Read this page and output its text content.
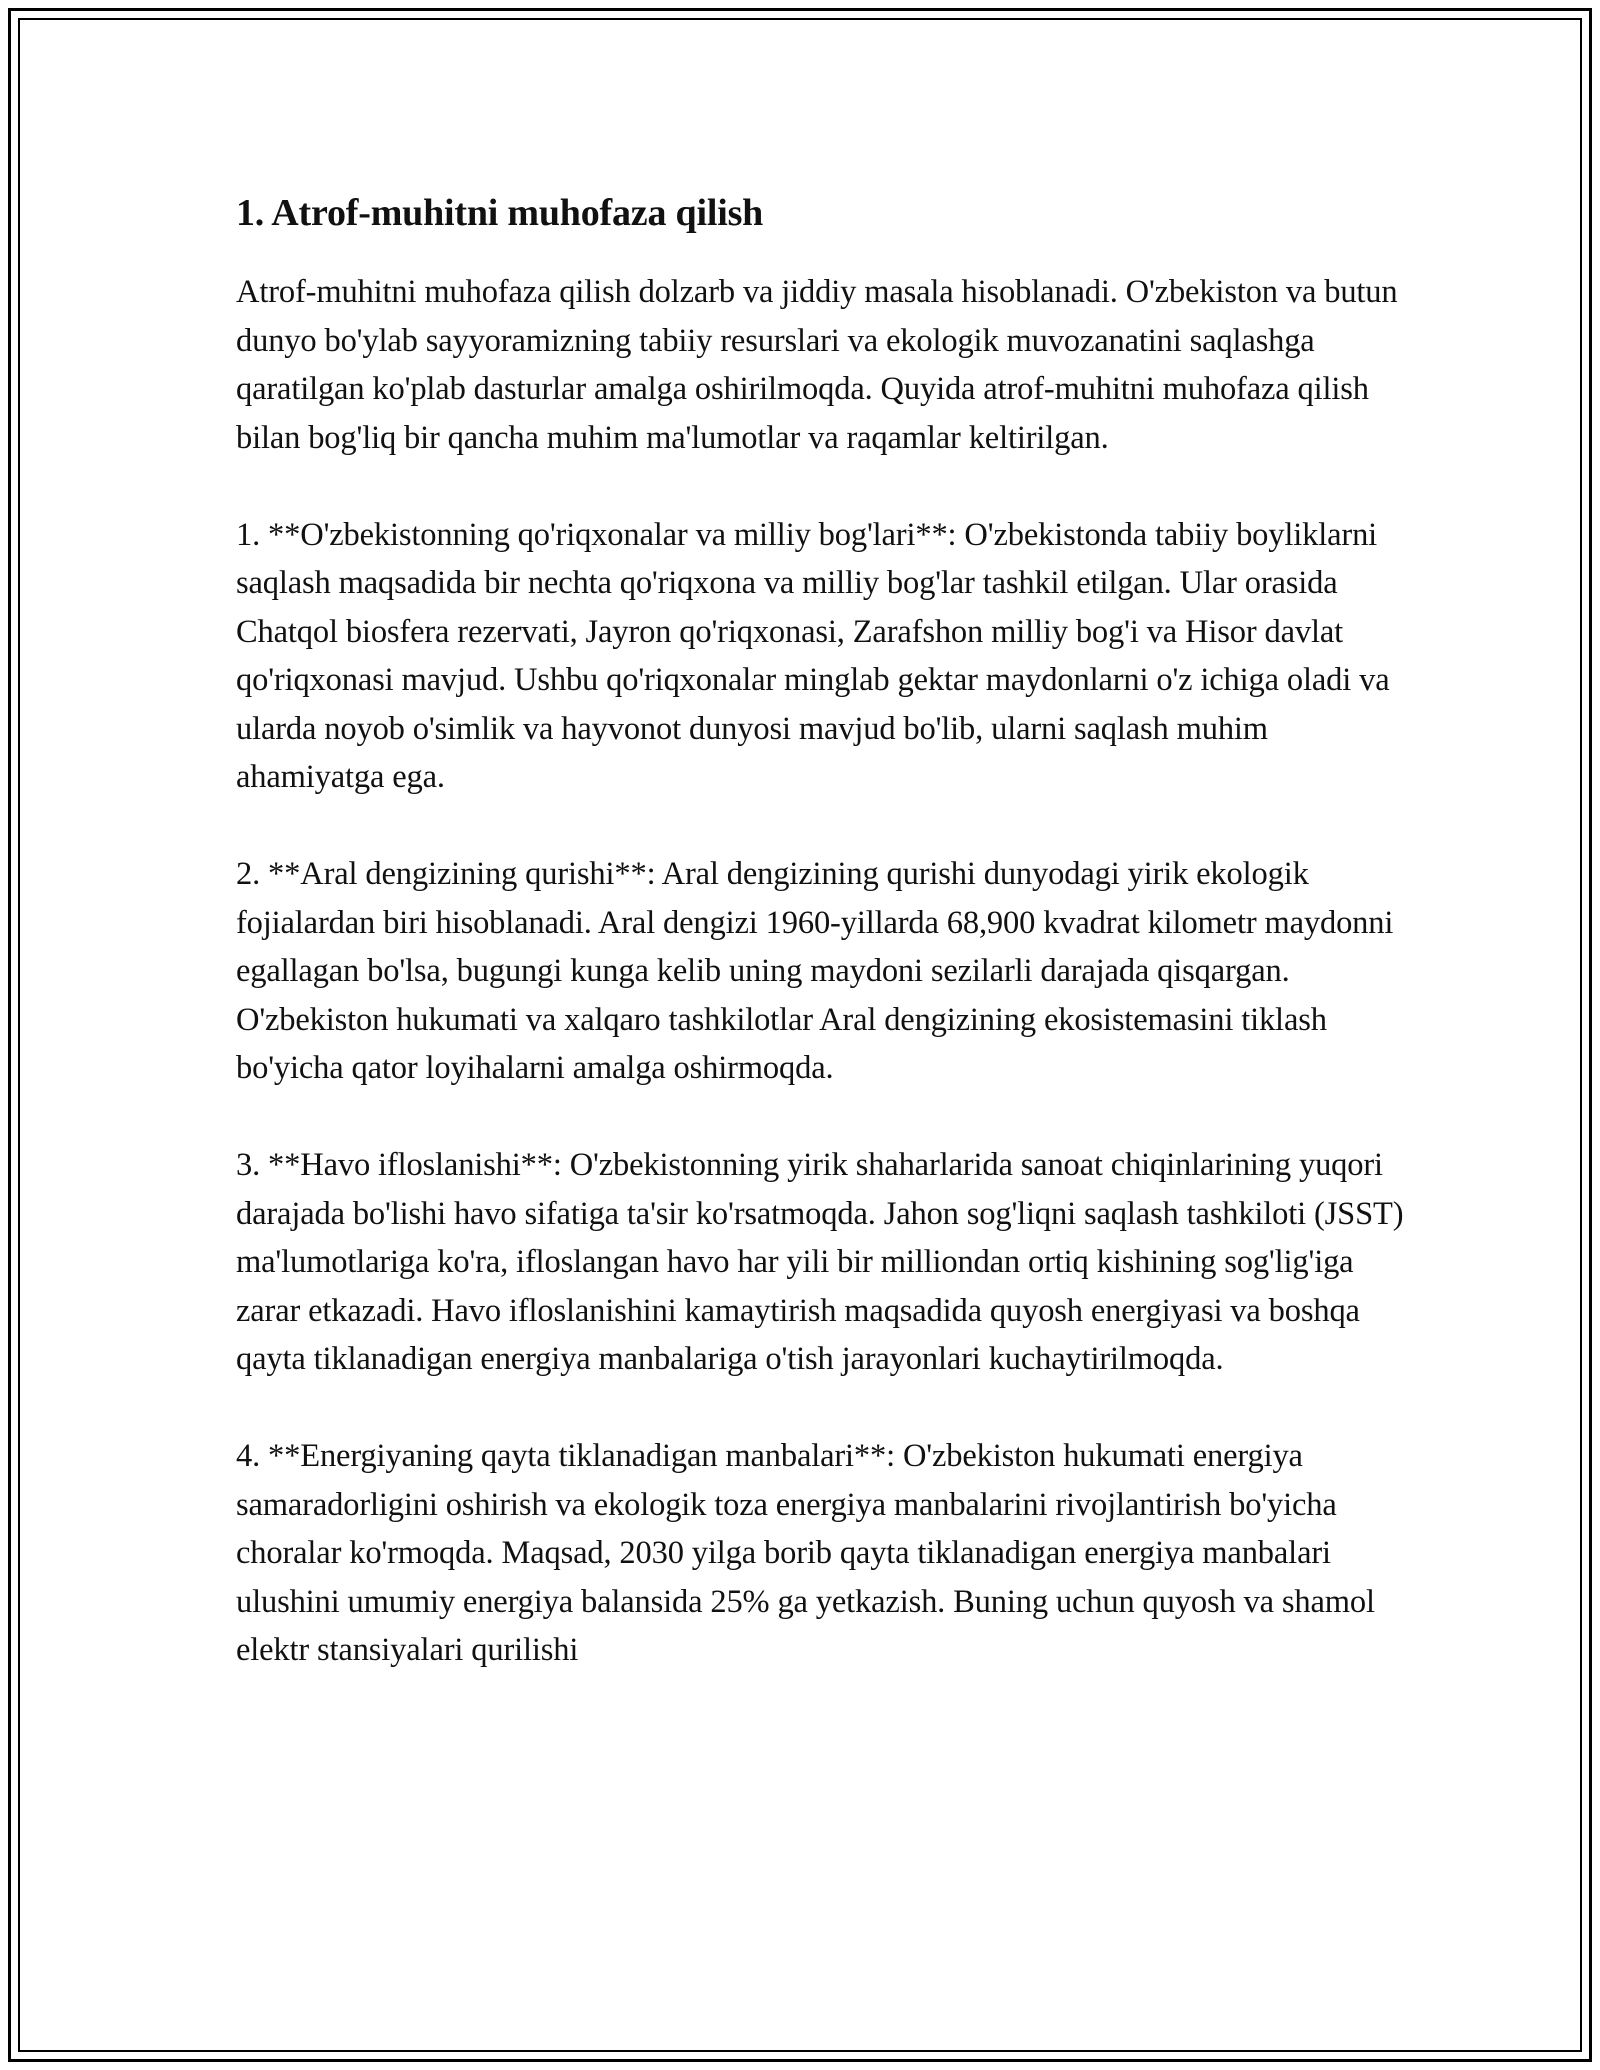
1. Atrof-muhitni muhofaza qilish

Atrof-muhitni muhofaza qilish dolzarb va jiddiy masala hisoblanadi. O'zbekiston va butun dunyo bo'ylab sayyoramizning tabiiy resurslari va ekologik muvozanatini saqlashga qaratilgan ko'plab dasturlar amalga oshirilmoqda. Quyida atrof-muhitni muhofaza qilish bilan bog'liq bir qancha muhim ma'lumotlar va raqamlar keltirilgan.

1. **O'zbekistonning qo'riqxonalar va milliy bog'lari**: O'zbekistonda tabiiy boyliklarni saqlash maqsadida bir nechta qo'riqxona va milliy bog'lar tashkil etilgan. Ular orasida Chatqol biosfera rezervati, Jayron qo'riqxonasi, Zarafshon milliy bog'i va Hisor davlat qo'riqxonasi mavjud. Ushbu qo'riqxonalar minglab gektar maydonlarni o'z ichiga oladi va ularda noyob o'simlik va hayvonot dunyosi mavjud bo'lib, ularni saqlash muhim ahamiyatga ega.

2. **Aral dengizining qurishi**: Aral dengizining qurishi dunyodagi yirik ekologik fojialardan biri hisoblanadi. Aral dengizi 1960-yillarda 68,900 kvadrat kilometr maydonni egallagan bo'lsa, bugungi kunga kelib uning maydoni sezilarli darajada qisqargan. O'zbekiston hukumati va xalqaro tashkilotlar Aral dengizining ekosistemasini tiklash bo'yicha qator loyihalarni amalga oshirmoqda.

3. **Havo ifloslanishi**: O'zbekistonning yirik shaharlarida sanoat chiqinlarining yuqori darajada bo'lishi havo sifatiga ta'sir ko'rsatmoqda. Jahon sog'liqni saqlash tashkiloti (JSST) ma'lumotlariga ko'ra, ifloslangan havo har yili bir milliondan ortiq kishining sog'lig'iga zarar etkazadi. Havo ifloslanishini kamaytirish maqsadida quyosh energiyasi va boshqa qayta tiklanadigan energiya manbalariga o'tish jarayonlari kuchaytirilmoqda.

4. **Energiyaning qayta tiklanadigan manbalari**: O'zbekiston hukumati energiya samaradorligini oshirish va ekologik toza energiya manbalarini rivojlantirish bo'yicha choralar ko'rmoqda. Maqsad, 2030 yilga borib qayta tiklanadigan energiya manbalari ulushini umumiy energiya balansida 25% ga yetkazish. Buning uchun quyosh va shamol elektr stansiyalari qurilishi
